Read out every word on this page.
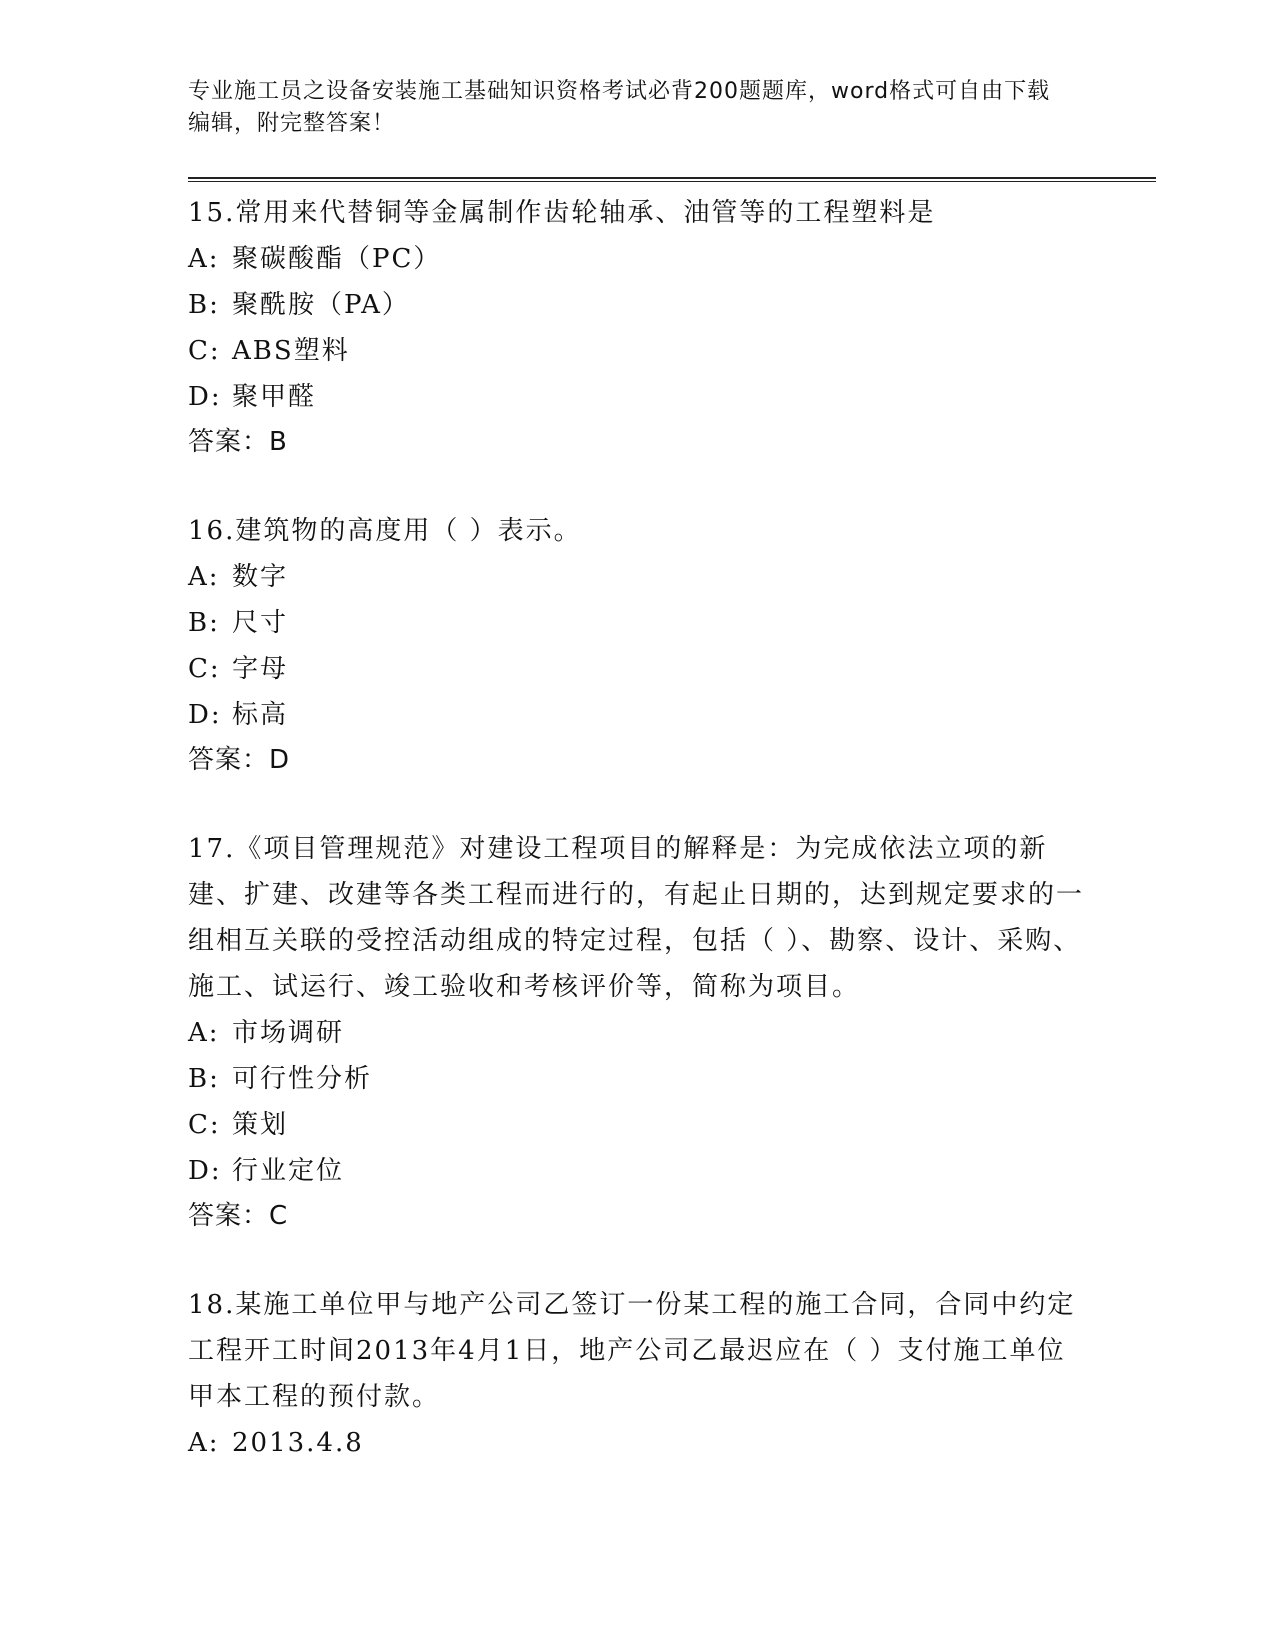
专业施工员之设备安装施工基础知识资格考试必背200题题库，word格式可自由下载编辑，附完整答案！

15.常用来代替铜等金属制作齿轮轴承、油管等的工程塑料是

A: 聚碳酸酯（PC）
B: 聚酰胺（PA）
C: ABS塑料
D: 聚甲醛

答案：B

16.建筑物的高度用（ ）表示。

A: 数字
B: 尺寸
C: 字母
D: 标高

答案：D

17.《项目管理规范》对建设工程项目的解释是：为完成依法立项的新建、扩建、改建等各类工程而进行的，有起止日期的，达到规定要求的一组相互关联的受控活动组成的特定过程，包括（ ）、勘察、设计、采购、施工、试运行、竣工验收和考核评价等，简称为项目。

A: 市场调研
B: 可行性分析
C: 策划
D: 行业定位

答案：C

18.某施工单位甲与地产公司乙签订一份某工程的施工合同，合同中约定工程开工时间2013年4月1日，地产公司乙最迟应在（ ）支付施工单位甲本工程的预付款。

A: 2013.4.8
